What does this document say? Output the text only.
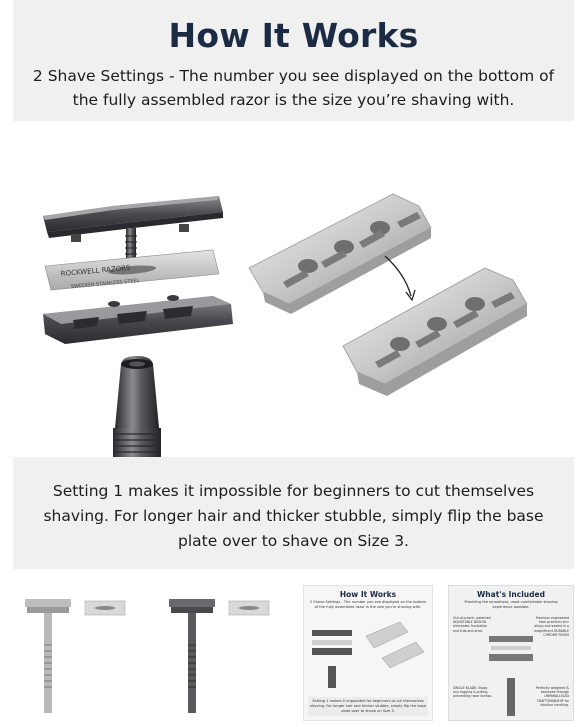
How It Works
2 Shave Settings - The number you see displayed on the bottom of the fully assembled razor is the size you’re shaving with.
ROCKWELL RAZORS
SWEDISH STAINLESS STEEL
Setting 1 makes it impossible for beginners to cut themselves shaving. For longer hair and thicker stubble, simply flip the base plate over to shave on Size 3.
How It Works
2 Shave Settings - The number you see displayed on the bottom of the fully assembled razor is the size you're shaving with.
Setting 1 makes it impossible for beginners to cut themselves shaving. For longer hair and thicker stubble, simply flip the base plate over to shave on Size 3.
What's Included
Providing the smoothest, most comfortable shaving experience possible.
Out-of-a-tank, patented ADJUSTABLE DESIGN eliminates frustration and trial-and-error.
Precision engineered from premium zinc alloys and sealed in a magnificent DURABLE CHROME FINISH
SINGLE BLADE: Stops any tugging & pulling, preventing razor bumps.
Perfectly weighted & balanced through UNPARALLELED CRAFTSMANSHIP for intuitive handling.
